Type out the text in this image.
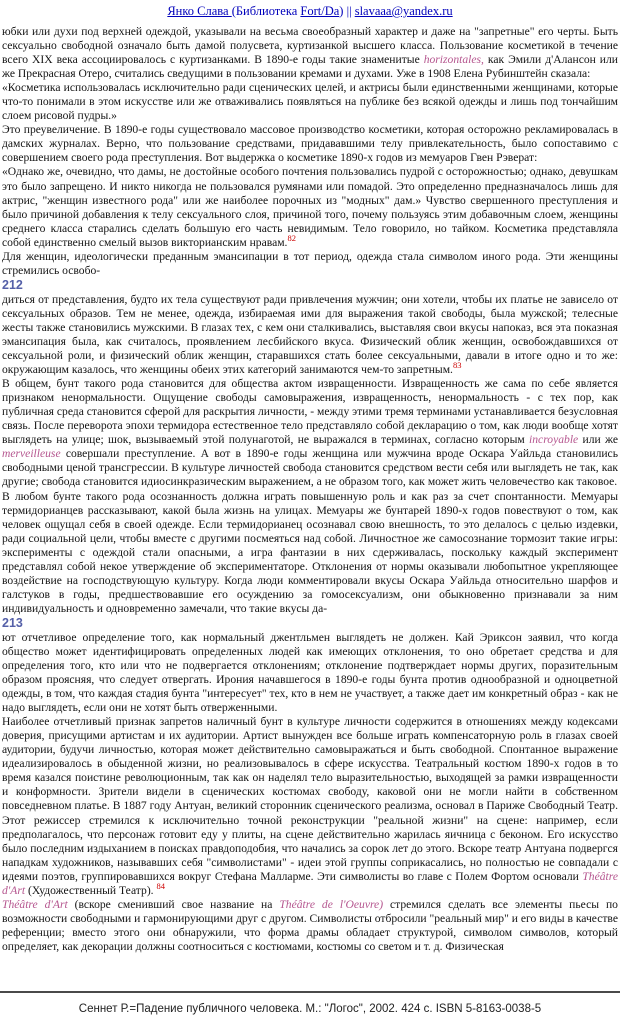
Янко Слава (Библиотека Fort/Da) || slavaaa@yandex.ru

юбки или духи под верхней одеждой, указывали на весьма своеобразный характер и даже на "запретные" его черты. Быть сексуально свободной означало быть дамой полусвета, куртизанкой высшего класса. Пользование косметикой в течение всего XIX века ассоциировалось с куртизанками. В 1890-е годы такие знаменитые horizontales, как Эмили д'Алансон или же Прекрасная Отеро, считались сведущими в пользовании кремами и духами. Уже в 1908 Елена Рубинштейн сказала:

«Косметика использовалась исключительно ради сценических целей, и актрисы были единственными женщинами, которые что-то понимали в этом искусстве или же отваживались появляться на публике без всякой одежды и лишь под тончайшим слоем рисовой пудры.»

Это преувеличение. В 1890-е годы существовало массовое производство косметики, которая осторожно рекламировалась в дамских журналах. Верно, что пользование средствами, придававшими телу привлекательность, было сопоставимо с совершением своего рода преступления. Вот выдержка о косметике 1890-х годов из мемуаров Гвен Рэверат:

«Однако же, очевидно, что дамы, не достойные особого почтения пользовались пудрой с осторожностью; однако, девушкам это было запрещено. И никто никогда не пользовался румянами или помадой. Это определенно предназначалось лишь для актрис, "женщин известного рода" или же наиболее порочных из "модных" дам.» Чувство свершенного преступления и было причиной добавления к телу сексуального слоя, причиной того, почему пользуясь этим добавочным слоем, женщины среднего класса старались сделать большую его часть невидимым. Тело говорило, но тайком. Косметика представляла собой единственно смелый вызов викторианским нравам.$^{82}$

Для женщин, идеологически преданным эмансипации в тот период, одежда стала символом иного рода. Эти женщины стремились освобо-

212

диться от представления, будто их тела существуют ради привлечения мужчин; они хотели, чтобы их платье не зависело от сексуальных образов. Тем не менее, одежда, избираемая ими для выражения такой свободы, была мужской; телесные жесты также становились мужскими. В глазах тех, с кем они сталкивались, выставляя свои вкусы напоказ, вся эта показная эмансипация была, как считалось, проявлением лесбийского вкуса. Физический облик женщин, освобождавшихся от сексуальной роли, и физический облик женщин, старавшихся стать более сексуальными, давали в итоге одно и то же: окружающим казалось, что женщины обеих этих категорий занимаются чем-то запретным.$^{83}$

В общем, бунт такого рода становится для общества актом извращенности. Извращенность же сама по себе является признаком ненормальности. Ощущение свободы самовыражения, извращенность, ненормальность - с тех пор, как публичная среда становится сферой для раскрытия личности, - между этими тремя терминами устанавливается безусловная связь. После переворота эпохи термидора естественное тело представляло собой декларацию о том, как люди вообще хотят выглядеть на улице; шок, вызываемый этой полунаготой, не выражался в терминах, согласно которым incroyable или же merveilleuse совершали преступление. А вот в 1890-е годы женщина или мужчина вроде Оскара Уайльда становились свободными ценой трансгрессии. В культуре личностей свобода становится средством вести себя или выглядеть не так, как другие; свобода становится идиосинкразическим выражением, а не образом того, как может жить человечество как таковое.

В любом бунте такого рода осознанность должна играть повышенную роль и как раз за счет спонтанности. Мемуары термидорианцев рассказывают, какой была жизнь на улицах. Мемуары же бунтарей 1890-х годов повествуют о том, как человек ощущал себя в своей одежде. Если термидорианец осознавал свою внешность, то это делалось с целью издевки, ради социальной цели, чтобы вместе с другими посмеяться над собой. Личностное же самосознание тормозит такие игры: эксперименты с одеждой стали опасными, а игра фантазии в них сдерживалась, поскольку каждый эксперимент представлял собой некое утверждение об экспериментаторе. Отклонения от нормы оказывали любопытное укрепляющее воздействие на господствующую культуру. Когда люди комментировали вкусы Оскара Уайльда относительно шарфов и галстуков в годы, предшествовавшие его осуждению за гомосексуализм, они обыкновенно признавали за ним индивидуальность и одновременно замечали, что такие вкусы да-

213

ют отчетливое определение того, как нормальный джентльмен выглядеть не должен. Кай Эриксон заявил, что когда общество может идентифицировать определенных людей как имеющих отклонения, то оно обретает средства и для определения того, кто или что не подвергается отклонениям; отклонение подтверждает нормы других, поразительным образом проясняя, что следует отвергать. Ирония начавшегося в 1890-е годы бунта против однообразной и одноцветной одежды, в том, что каждая стадия бунта "интересует" тех, кто в нем не участвует, а также дает им конкретный образ - как не надо выглядеть, если они не хотят быть отверженными.

Наиболее отчетливый признак запретов наличный бунт в культуре личности содержится в отношениях между кодексами доверия, присущими артистам и их аудитории. Артист вынужден все больше играть компенсаторную роль в глазах своей аудитории, будучи личностью, которая может действительно самовыражаться и быть свободной. Спонтанное выражение идеализировалось в обыденной жизни, но реализовывалось в сфере искусства. Театральный костюм 1890-х годов в то время казался поистине революционным, так как он наделял тело выразительностью, выходящей за рамки извращенности и конформности. Зрители видели в сценических костюмах свободу, каковой они не могли найти в собственном повседневном платье. В 1887 году Антуан, великий сторонник сценического реализма, основал в Париже Свободный Театр. Этот режиссер стремился к исключительно точной реконструкции "реальной жизни" на сцене: например, если предполагалось, что персонаж готовит еду у плиты, на сцене действительно жарилась яичница с беконом. Его искусство было последним издыханием в поисках правдоподобия, что начались за сорок лет до этого. Вскоре театр Антуана подвергся нападкам художников, называвших себя "символистами" - идеи этой группы соприкасались, но полностью не совпадали с идеями поэтов, группировавшихся вокруг Стефана Малларме. Эти символисты во главе с Полем Фортом основали Théâtre d'Art (Художественный Театр). $^{84}$

Théâtre d'Art (вскоре сменивший свое название на Théâtre de l'Oeuvre) стремился сделать все элементы пьесы по возможности свободными и гармонирующими друг с другом. Символисты отбросили "реальный мир" и его виды в качестве референции; вместо этого они обнаружили, что форма драмы обладает структурой, символом символов, который определяет, как декорации должны соотноситься с костюмами, костюмы со светом и т. д. Физическая

Сеннет Р.=Падение публичного человека. М.: "Логос", 2002. 424 с. ISBN 5-8163-0038-5
